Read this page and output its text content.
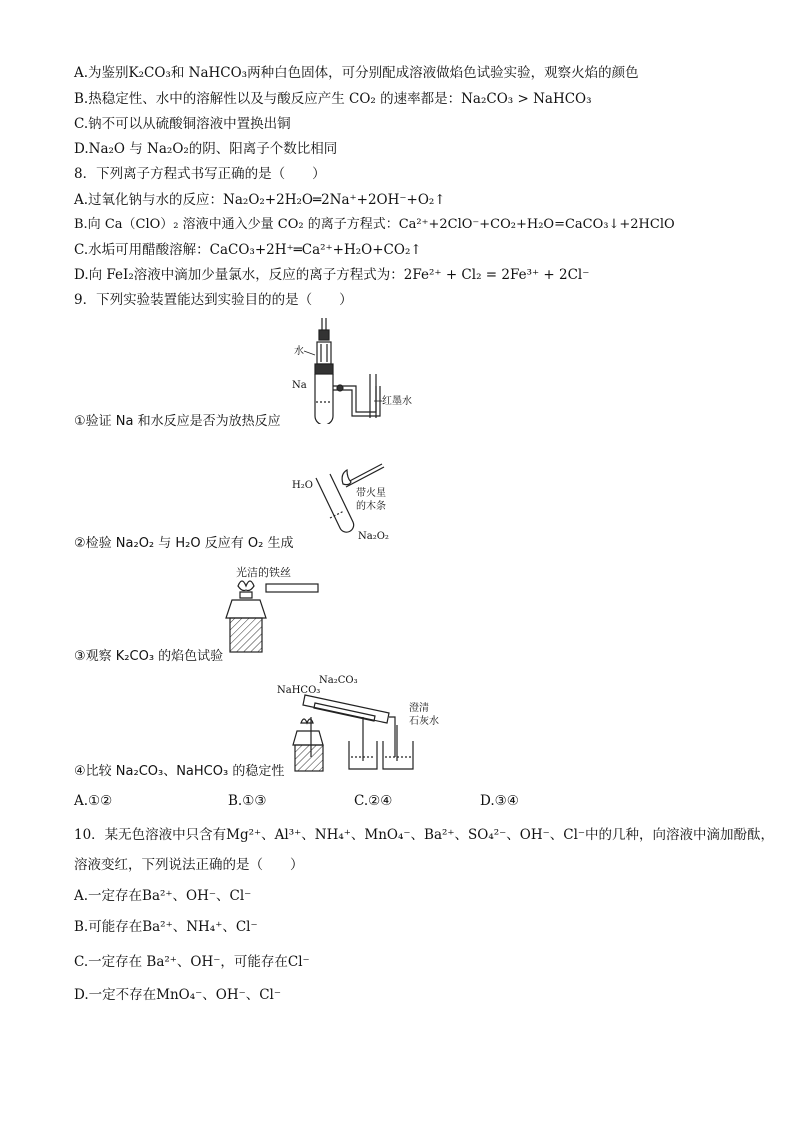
A.为鉴别K₂CO₃和 NaHCO₃两种白色固体，可分别配成溶液做焰色试验实验，观察火焰的颜色
B.热稳定性、水中的溶解性以及与酸反应产生 CO₂ 的速率都是：Na₂CO₃ > NaHCO₃
C.钠不可以从硫酸铜溶液中置换出铜
D.Na₂O 与 Na₂O₂的阴、阳离子个数比相同
8．下列离子方程式书写正确的是（　　）
A.过氧化钠与水的反应：Na₂O₂+2H₂O═2Na⁺+2OH⁻+O₂↑
B.向 Ca（ClO）₂ 溶液中通入少量 CO₂ 的离子方程式：Ca²⁺+2ClO⁻+CO₂+H₂O=CaCO₃↓+2HClO
C.水垢可用醋酸溶解：CaCO₃+2H⁺═Ca²⁺+H₂O+CO₂↑
D.向 FeI₂溶液中滴加少量氯水，反应的离子方程式为：2Fe²⁺ + Cl₂ = 2Fe³⁺ + 2Cl⁻
9．下列实验装置能达到实验目的的是（　　）
水
Na
红墨水
①验证 Na 和水反应是否为放热反应
H₂O
带火星
的木条
Na₂O₂
②检验 Na₂O₂ 与 H₂O 反应有 O₂ 生成
光洁的铁丝
③观察 K₂CO₃ 的焰色试验
NaHCO₃
Na₂CO₃
澄清
石灰水
④比较 Na₂CO₃、NaHCO₃ 的稳定性
A.①②	B.①③	C.②④	D.③④
10．某无色溶液中只含有Mg²⁺、Al³⁺、NH₄⁺、MnO₄⁻、Ba²⁺、SO₄²⁻、OH⁻、Cl⁻中的几种，向溶液中滴加酚酞，
溶液变红，下列说法正确的是（　　）
A.一定存在Ba²⁺、OH⁻、Cl⁻
B.可能存在Ba²⁺、NH₄⁺、Cl⁻
C.一定存在 Ba²⁺、OH⁻，可能存在Cl⁻
D.一定不存在MnO₄⁻、OH⁻、Cl⁻
